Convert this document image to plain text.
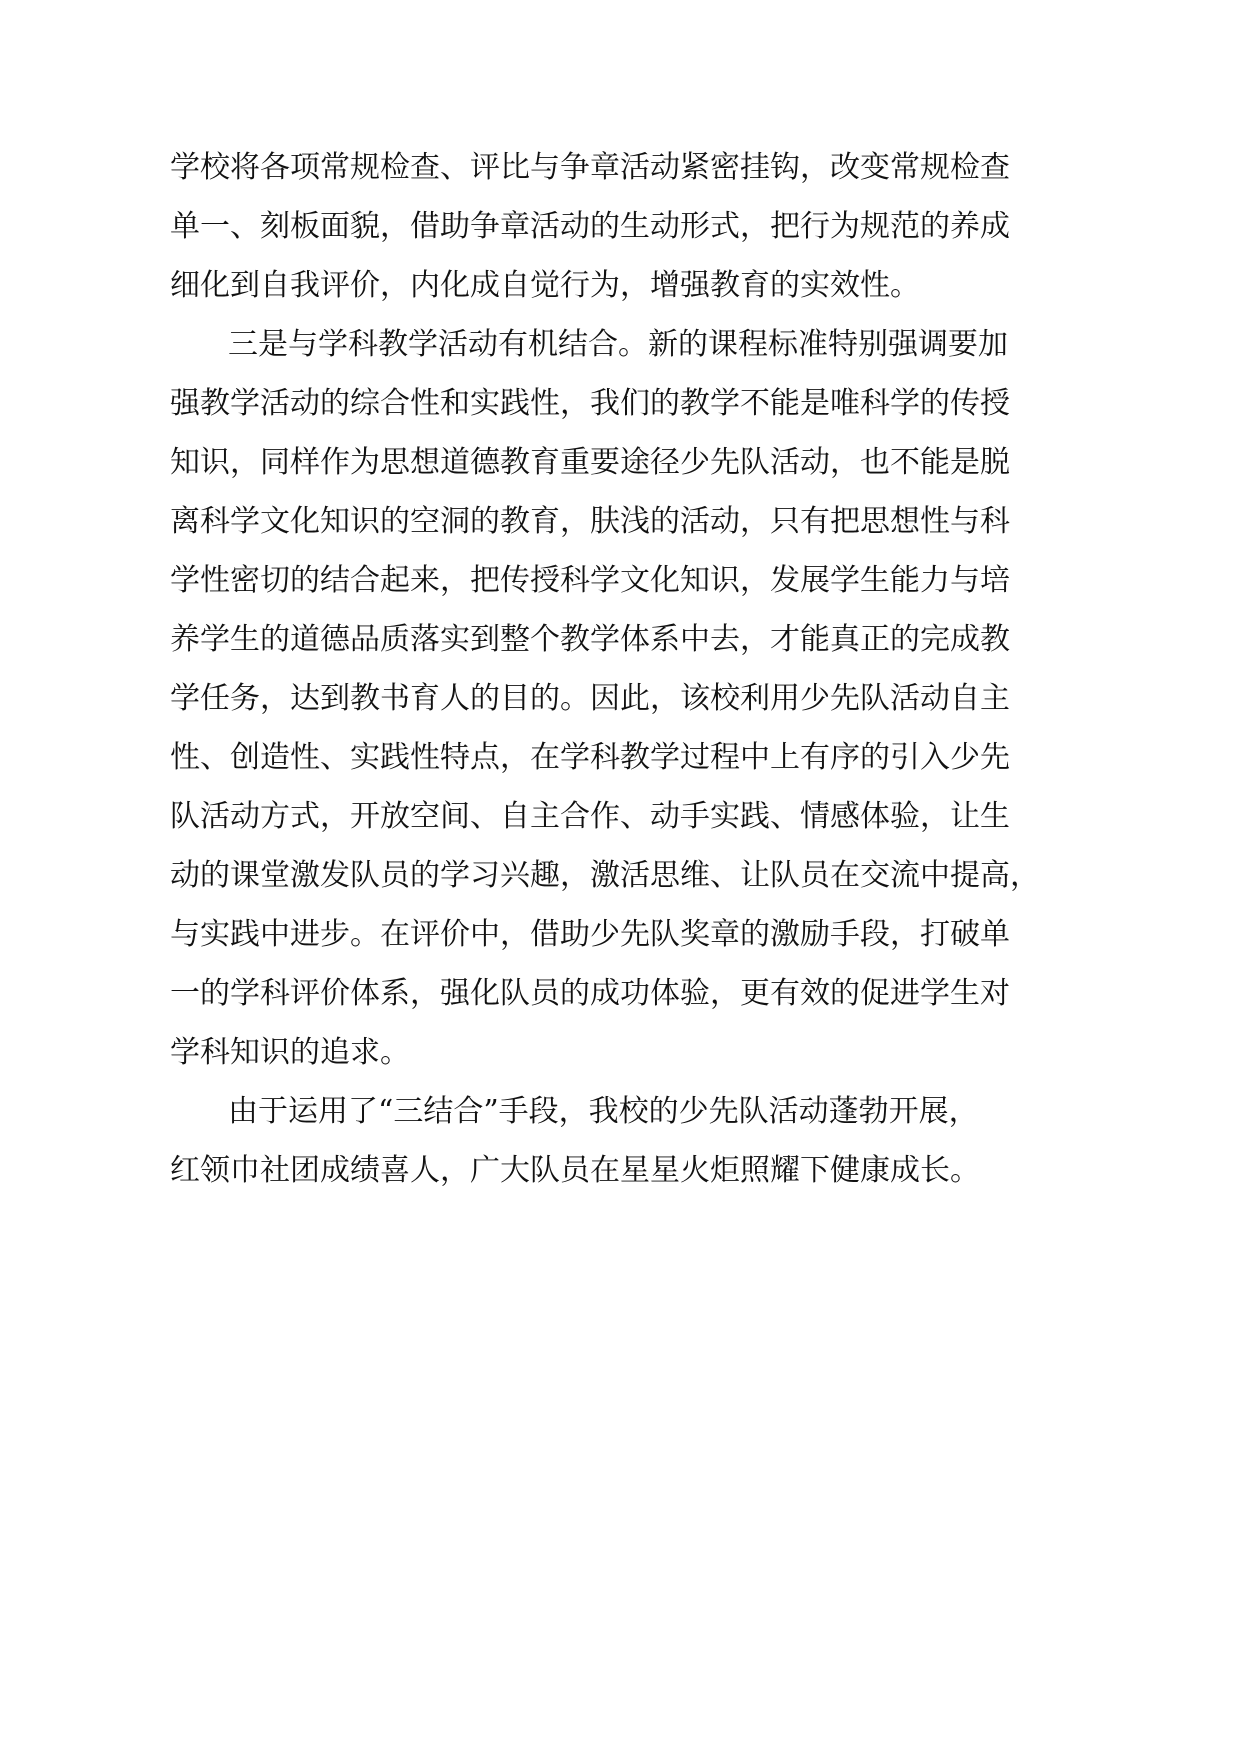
学校将各项常规检查、评比与争章活动紧密挂钩，改变常规检查
单一、刻板面貌，借助争章活动的生动形式，把行为规范的养成
细化到自我评价，内化成自觉行为，增强教育的实效性。
三是与学科教学活动有机结合。新的课程标准特别强调要加
强教学活动的综合性和实践性，我们的教学不能是唯科学的传授
知识，同样作为思想道德教育重要途径少先队活动，也不能是脱
离科学文化知识的空洞的教育，肤浅的活动，只有把思想性与科
学性密切的结合起来，把传授科学文化知识，发展学生能力与培
养学生的道德品质落实到整个教学体系中去，才能真正的完成教
学任务，达到教书育人的目的。因此，该校利用少先队活动自主
性、创造性、实践性特点，在学科教学过程中上有序的引入少先
队活动方式，开放空间、自主合作、动手实践、情感体验，让生
动的课堂激发队员的学习兴趣，激活思维、让队员在交流中提高，
与实践中进步。在评价中，借助少先队奖章的激励手段，打破单
一的学科评价体系，强化队员的成功体验，更有效的促进学生对
学科知识的追求。
由于运用了“三结合”手段，我校的少先队活动蓬勃开展，
红领巾社团成绩喜人，广大队员在星星火炬照耀下健康成长。
